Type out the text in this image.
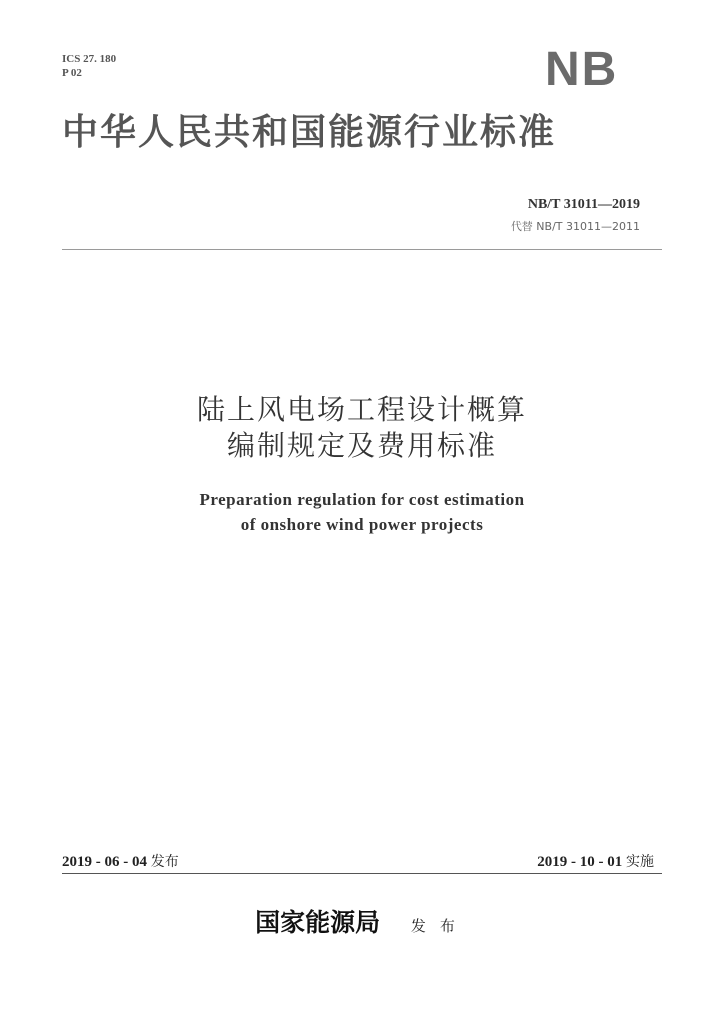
ICS 27. 180
P 02	NB
中华人民共和国能源行业标准
NB/T 31011—2019
代替 NB/T 31011—2011
陆上风电场工程设计概算
编制规定及费用标准
Preparation regulation for cost estimation
of onshore wind power projects
2019 - 06 - 04 发布	2019 - 10 - 01 实施
国家能源局 发布
